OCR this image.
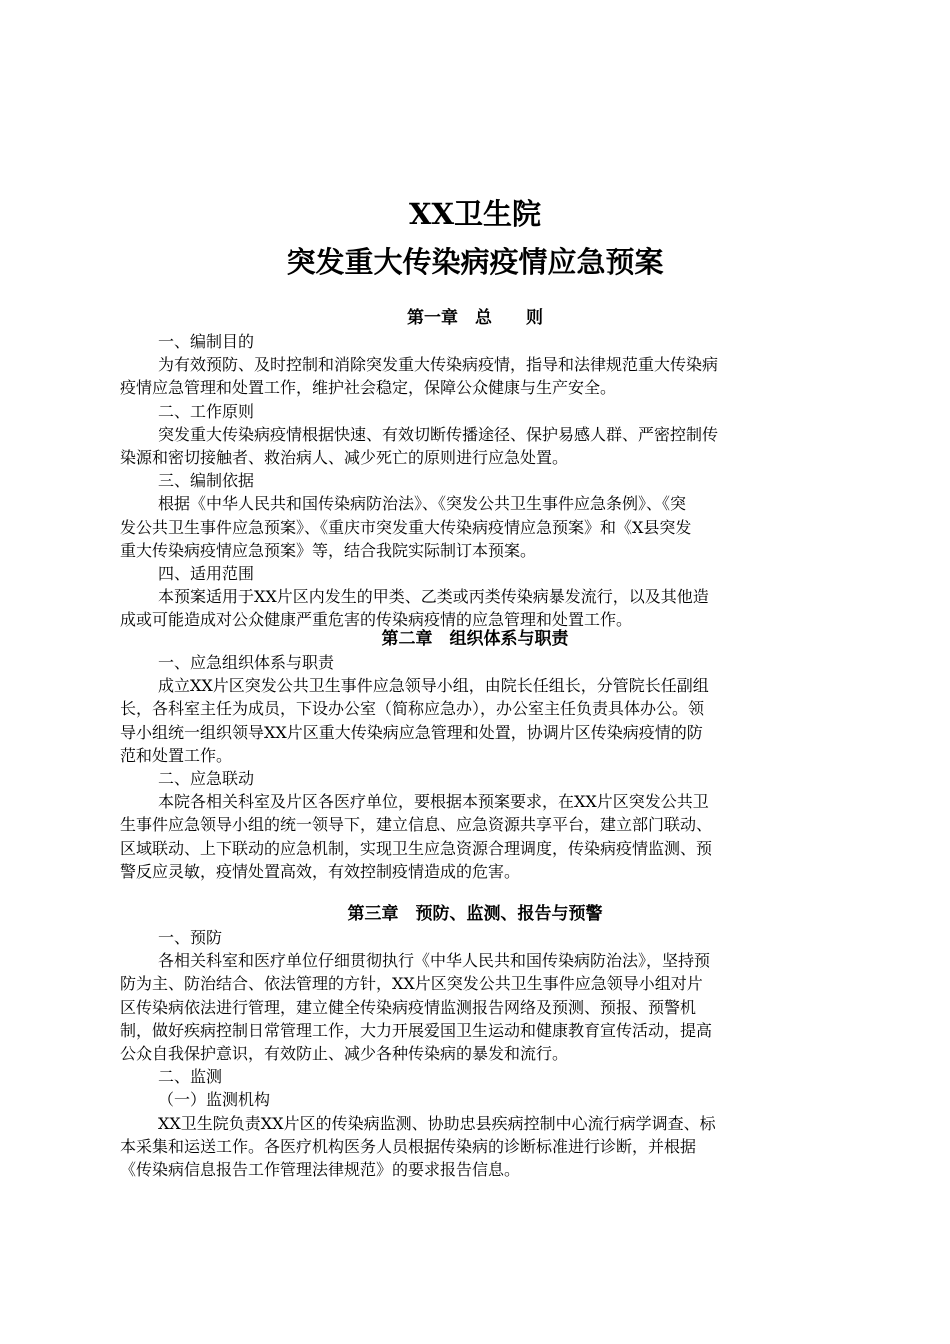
XX卫生院
突发重大传染病疫情应急预案
第一章　总　　则
一、编制目的
为有效预防、及时控制和消除突发重大传染病疫情，指导和法律规范重大传染病
疫情应急管理和处置工作，维护社会稳定，保障公众健康与生产安全。
二、工作原则
突发重大传染病疫情根据快速、有效切断传播途径、保护易感人群、严密控制传
染源和密切接触者、救治病人、减少死亡的原则进行应急处置。
三、编制依据
根据《中华人民共和国传染病防治法》、《突发公共卫生事件应急条例》、《突
发公共卫生事件应急预案》、《重庆市突发重大传染病疫情应急预案》和《X县突发
重大传染病疫情应急预案》等，结合我院实际制订本预案。
四、适用范围
本预案适用于XX片区内发生的甲类、乙类或丙类传染病暴发流行，以及其他造
成或可能造成对公众健康严重危害的传染病疫情的应急管理和处置工作。
第二章　组织体系与职责
一、应急组织体系与职责
成立XX片区突发公共卫生事件应急领导小组，由院长任组长，分管院长任副组
长，各科室主任为成员，下设办公室（简称应急办），办公室主任负责具体办公。领
导小组统一组织领导XX片区重大传染病应急管理和处置，协调片区传染病疫情的防
范和处置工作。
二、应急联动
本院各相关科室及片区各医疗单位，要根据本预案要求，在XX片区突发公共卫
生事件应急领导小组的统一领导下，建立信息、应急资源共享平台，建立部门联动、
区域联动、上下联动的应急机制，实现卫生应急资源合理调度，传染病疫情监测、预
警反应灵敏，疫情处置高效，有效控制疫情造成的危害。
第三章　预防、监测、报告与预警
一、预防
各相关科室和医疗单位仔细贯彻执行《中华人民共和国传染病防治法》，坚持预
防为主、防治结合、依法管理的方针，XX片区突发公共卫生事件应急领导小组对片
区传染病依法进行管理，建立健全传染病疫情监测报告网络及预测、预报、预警机
制，做好疾病控制日常管理工作，大力开展爱国卫生运动和健康教育宣传活动，提高
公众自我保护意识，有效防止、减少各种传染病的暴发和流行。
二、监测
（一）监测机构
XX卫生院负责XX片区的传染病监测、协助忠县疾病控制中心流行病学调查、标
本采集和运送工作。各医疗机构医务人员根据传染病的诊断标准进行诊断，并根据
《传染病信息报告工作管理法律规范》的要求报告信息。
